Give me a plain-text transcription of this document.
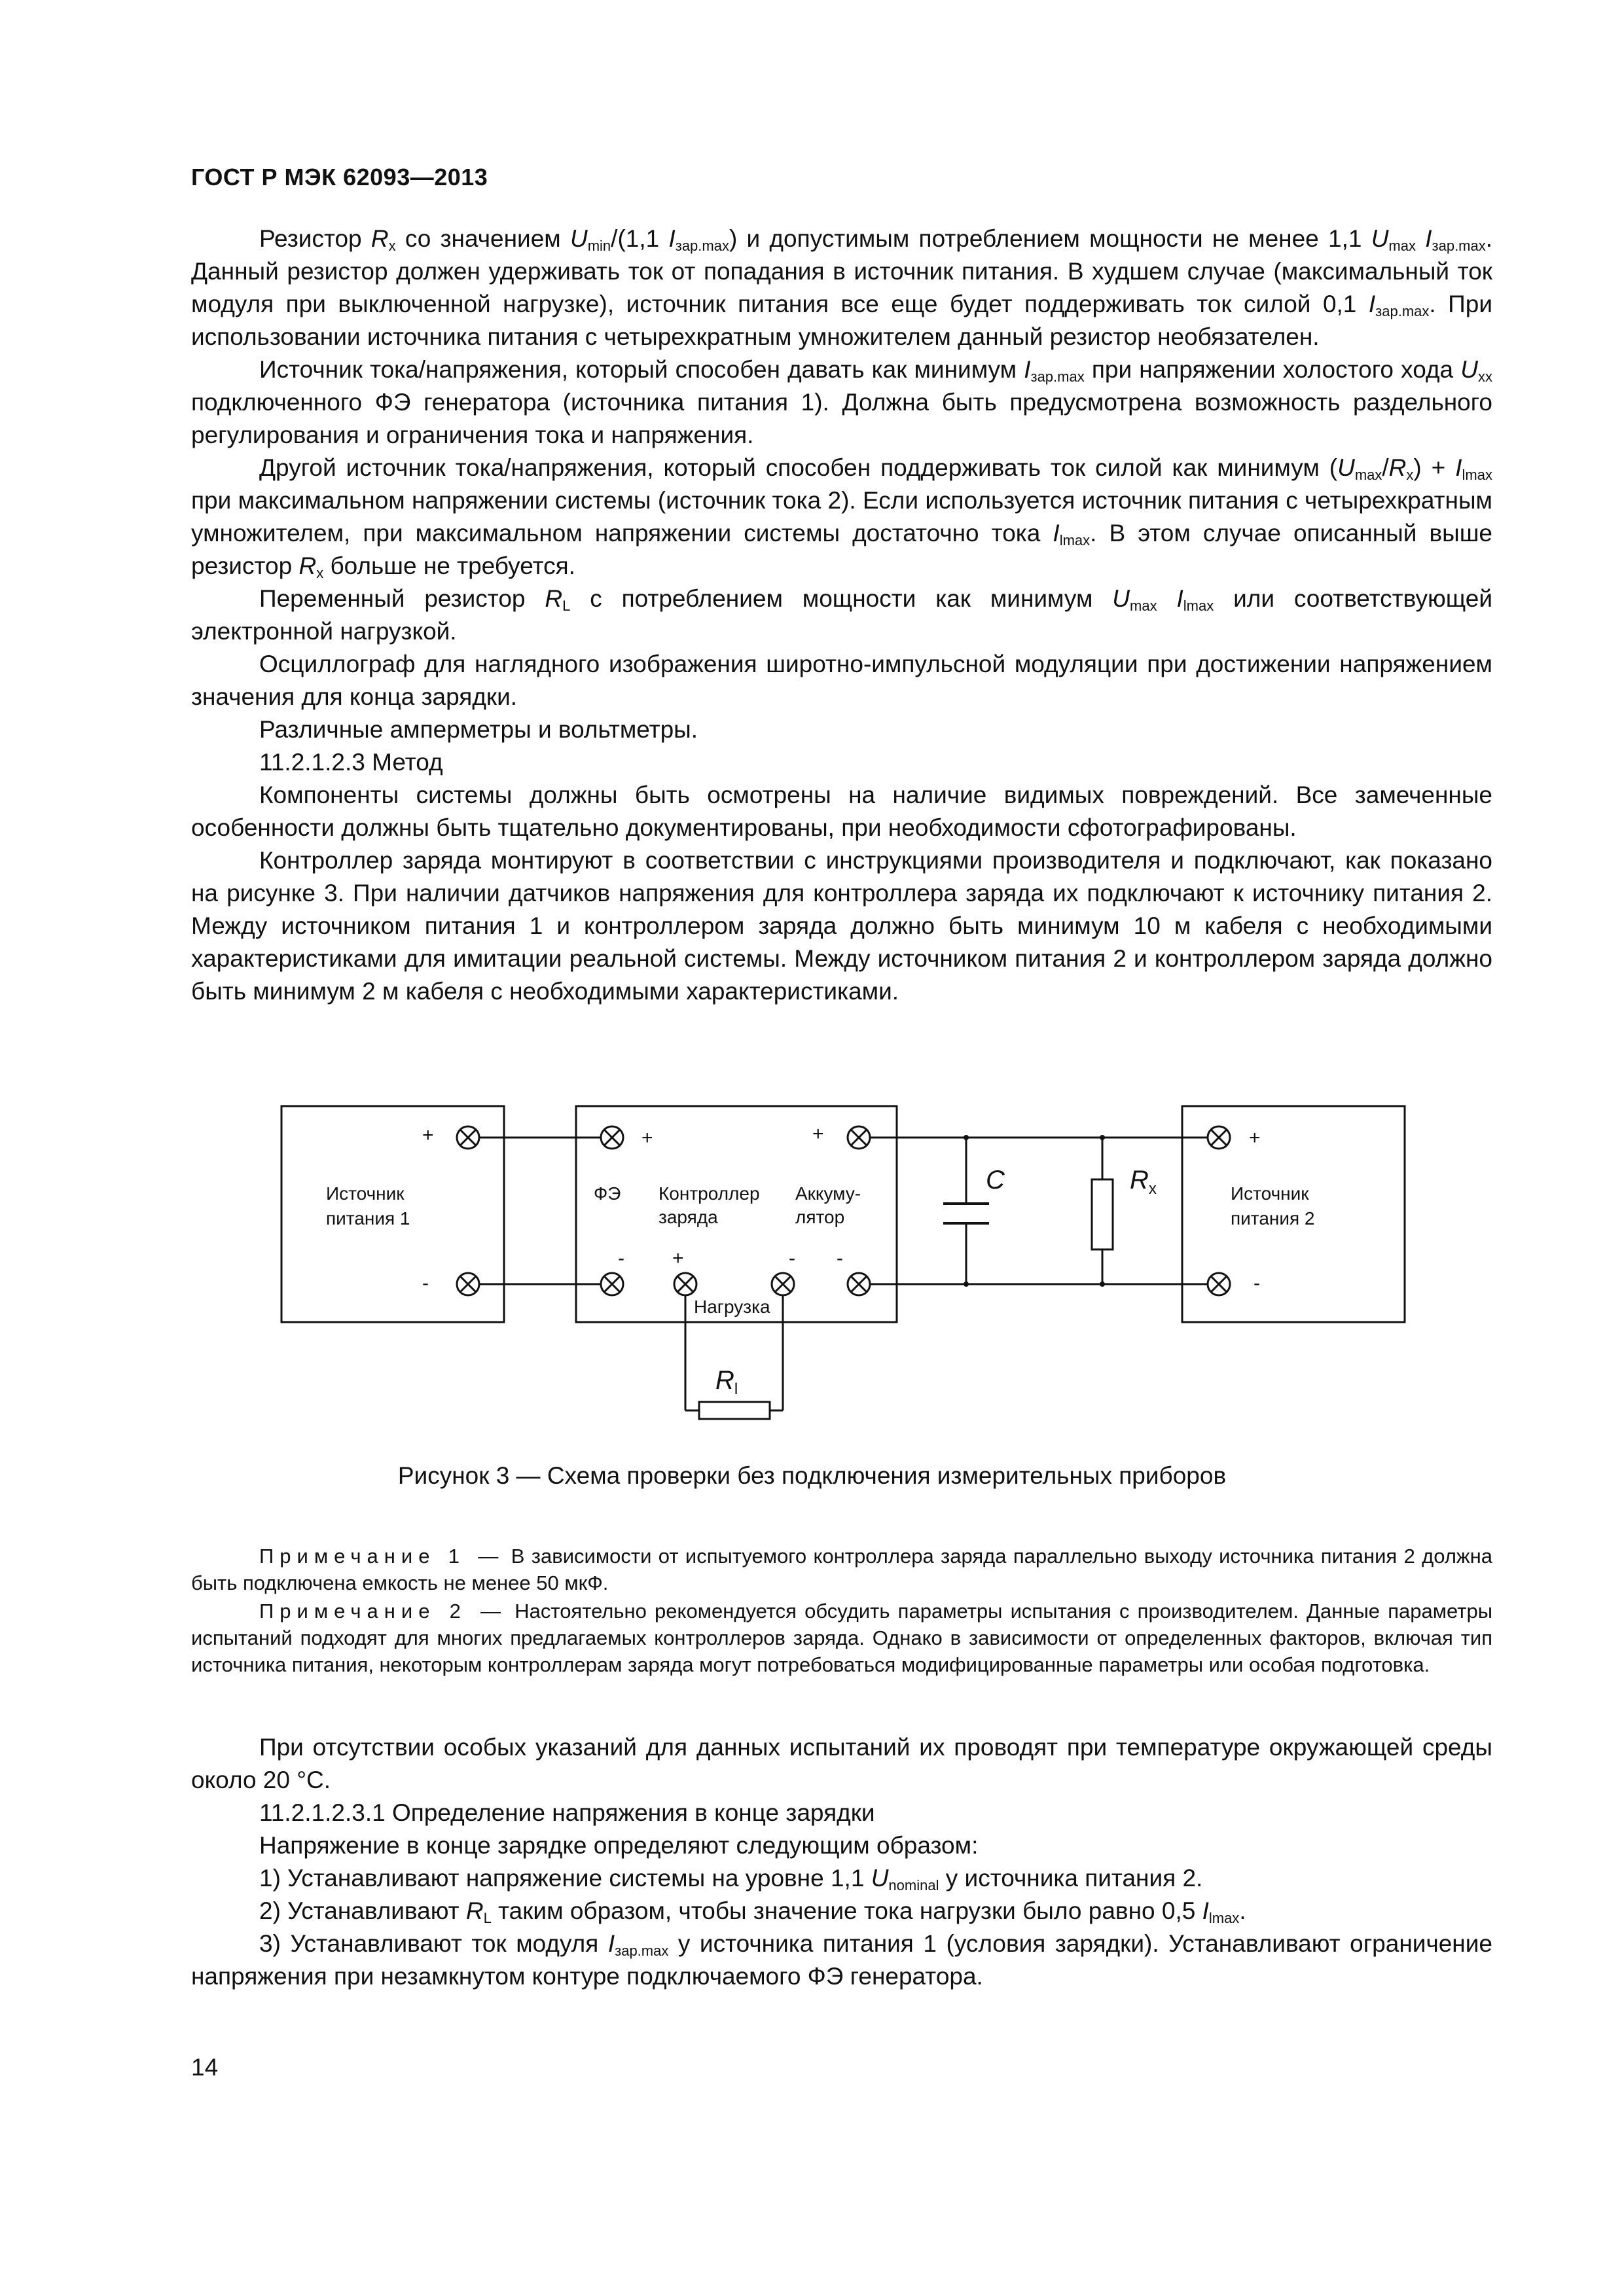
ГОСТ Р МЭК 62093—2013

Резистор $R_x$ со значением $U_{min}/(1,1$ $I_{зар.max}$) и допустимым потреблением мощности не менее 1,1 $U_{max}$ $I_{зар.max}$. Данный резистор должен удерживать ток от попадания в источник питания. В худшем случае (максимальный ток модуля при выключенной нагрузке), источник питания все еще будет поддерживать ток силой 0,1 $I_{зар.max}$. При использовании источника питания с четырехкратным умножителем данный резистор необязателен.

Источник тока/напряжения, который способен давать как минимум $I_{зар.max}$ при напряжении холостого хода $U_{xx}$ подключенного ФЭ генератора (источника питания 1). Должна быть предусмотрена возможность раздельного регулирования и ограничения тока и напряжения.

Другой источник тока/напряжения, который способен поддерживать ток силой как минимум $(U_{max}/R_x) + I_{lmax}$ при максимальном напряжении системы (источник тока 2). Если используется источник питания с четырехкратным умножителем, при максимальном напряжении системы достаточно тока $I_{lmax}$. В этом случае описанный выше резистор $R_x$ больше не требуется.

Переменный резистор $R_L$ с потреблением мощности как минимум $U_{max}$ $I_{lmax}$ или соответствующей электронной нагрузкой.

Осциллограф для наглядного изображения широтно-импульсной модуляции при достижении напряжением значения для конца зарядки.

Различные амперметры и вольтметры.

11.2.1.2.3 Метод

Компоненты системы должны быть осмотрены на наличие видимых повреждений. Все замеченные особенности должны быть тщательно документированы, при необходимости сфотографированы.

Контроллер заряда монтируют в соответствии с инструкциями производителя и подключают, как показано на рисунке 3. При наличии датчиков напряжения для контроллера заряда их подключают к источнику питания 2. Между источником питания 1 и контроллером заряда должно быть минимум 10 м кабеля с необходимыми характеристиками для имитации реальной системы. Между источником питания 2 и контроллером заряда должно быть минимум 2 м кабеля с необходимыми характеристиками.

Источник
питания 1
Источник
питания 2
ФЭ Контроллер
заряда
Аккуму-
лятор
Нагрузка
+
-
+	+
- +	- -
+
-
C	$R_x$
$R_l$
Рисунок 3 — Схема проверки без подключения измерительных приборов

Примечание 1 — В зависимости от испытуемого контроллера заряда параллельно выходу источника питания 2 должна быть подключена емкость не менее 50 мкФ.

Примечание 2 — Настоятельно рекомендуется обсудить параметры испытания с производителем. Данные параметры испытаний подходят для многих предлагаемых контроллеров заряда. Однако в зависимости от определенных факторов, включая тип источника питания, некоторым контроллерам заряда могут потребоваться модифицированные параметры или особая подготовка.

При отсутствии особых указаний для данных испытаний их проводят при температуре окружающей среды около 20 °С.

11.2.1.2.3.1 Определение напряжения в конце зарядки

Напряжение в конце зарядке определяют следующим образом:

1) Устанавливают напряжение системы на уровне 1,1 $U_{nominal}$ у источника питания 2.

2) Устанавливают $R_L$ таким образом, чтобы значение тока нагрузки было равно 0,5 $I_{lmax}$.

3) Устанавливают ток модуля $I_{зар.max}$ у источника питания 1 (условия зарядки). Устанавливают ограничение напряжения при незамкнутом контуре подключаемого ФЭ генератора.

14
